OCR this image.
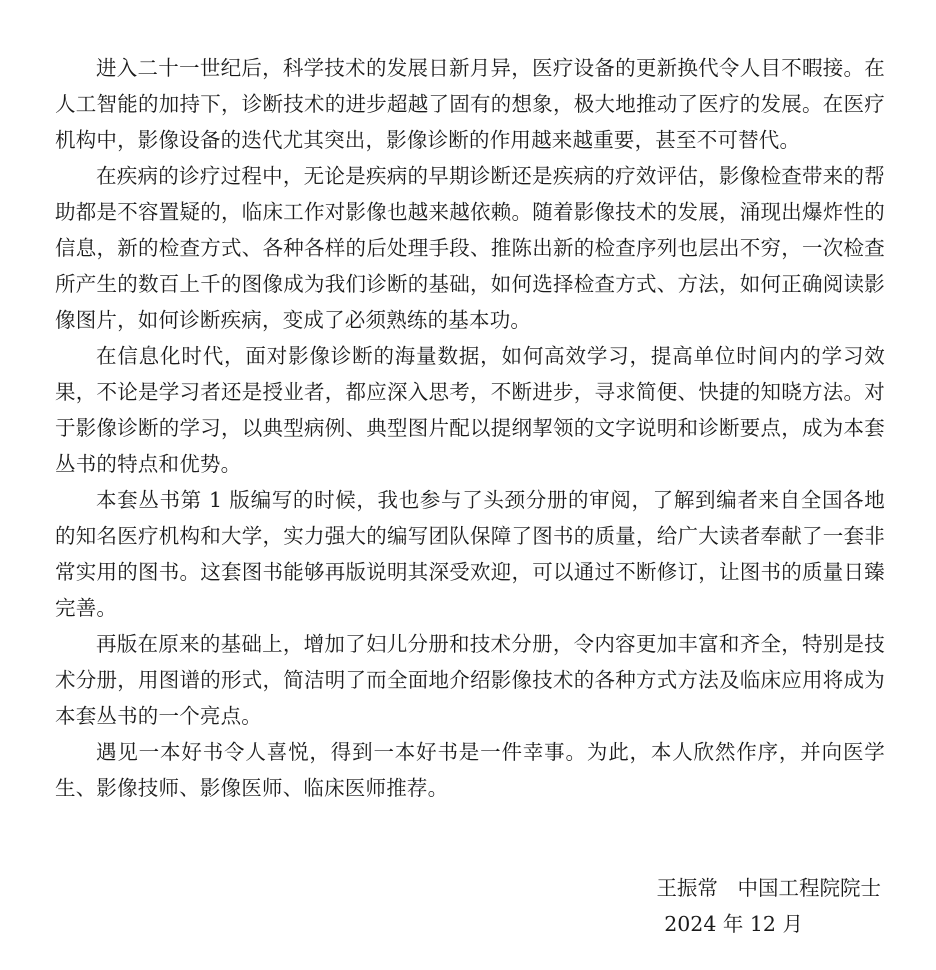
进入二十一世纪后，科学技术的发展日新月异，医疗设备的更新换代令人目不暇接。在人工智能的加持下，诊断技术的进步超越了固有的想象，极大地推动了医疗的发展。在医疗机构中，影像设备的迭代尤其突出，影像诊断的作用越来越重要，甚至不可替代。

在疾病的诊疗过程中，无论是疾病的早期诊断还是疾病的疗效评估，影像检查带来的帮助都是不容置疑的，临床工作对影像也越来越依赖。随着影像技术的发展，涌现出爆炸性的信息，新的检查方式、各种各样的后处理手段、推陈出新的检查序列也层出不穷，一次检查所产生的数百上千的图像成为我们诊断的基础，如何选择检查方式、方法，如何正确阅读影像图片，如何诊断疾病，变成了必须熟练的基本功。

在信息化时代，面对影像诊断的海量数据，如何高效学习，提高单位时间内的学习效果，不论是学习者还是授业者，都应深入思考，不断进步，寻求简便、快捷的知晓方法。对于影像诊断的学习，以典型病例、典型图片配以提纲挈领的文字说明和诊断要点，成为本套丛书的特点和优势。

本套丛书第 1 版编写的时候，我也参与了头颈分册的审阅，了解到编者来自全国各地的知名医疗机构和大学，实力强大的编写团队保障了图书的质量，给广大读者奉献了一套非常实用的图书。这套图书能够再版说明其深受欢迎，可以通过不断修订，让图书的质量日臻完善。

再版在原来的基础上，增加了妇儿分册和技术分册，令内容更加丰富和齐全，特别是技术分册，用图谱的形式，简洁明了而全面地介绍影像技术的各种方式方法及临床应用将成为本套丛书的一个亮点。

遇见一本好书令人喜悦，得到一本好书是一件幸事。为此，本人欣然作序，并向医学生、影像技师、影像医师、临床医师推荐。

王振常 中国工程院院士
2024 年 12 月
